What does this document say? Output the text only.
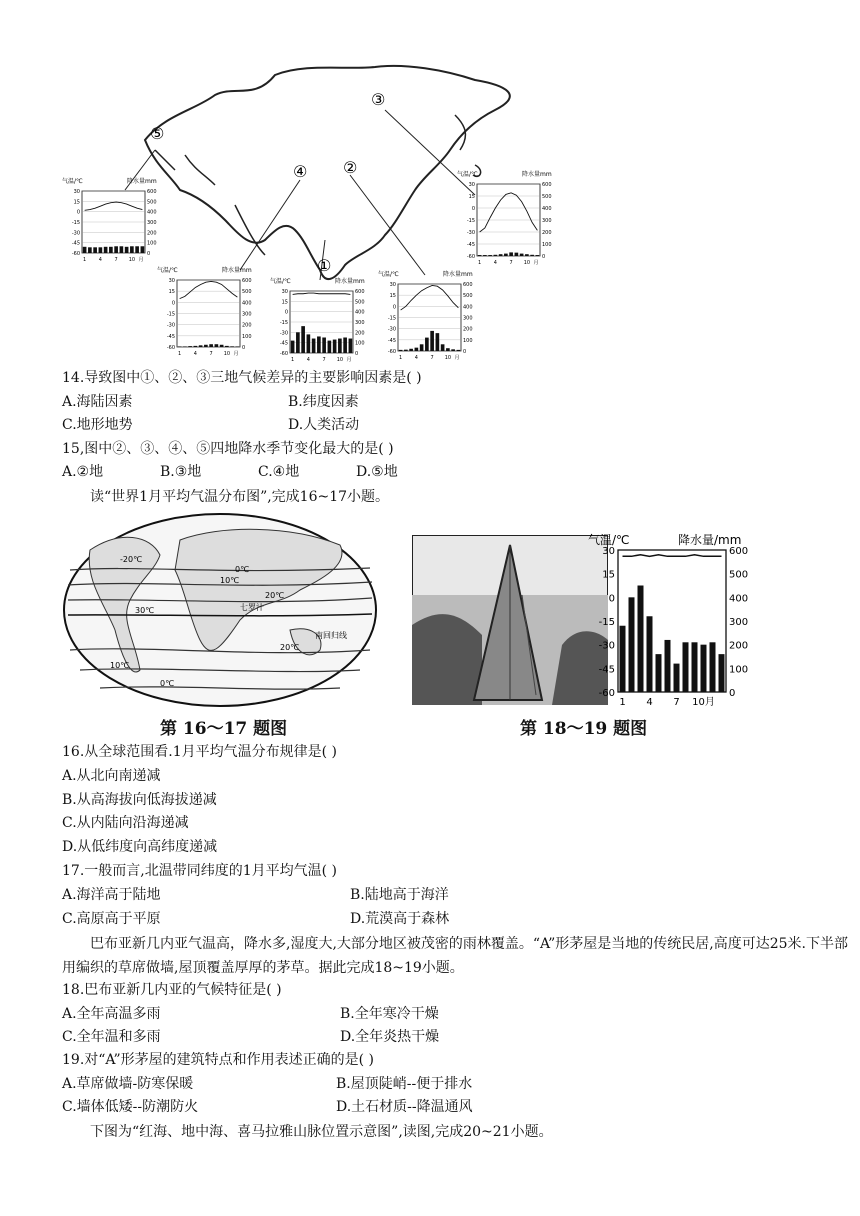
⑤
③
④ ②
①
气温/℃	降水量mm
30
15
0
-15
-30
-45
-60
600
500
400
300
200
100
0
1	4	7 10 月
气温/℃	降水量mm
30
15
0
-15
-30
-45
-60
600
500
400
300
200
100
0
1	4	7 10 月
气温/℃	降水量mm
30
15
0
-15
-30
-45
-60
600
500
400
300
200
100
0
1	4	7 10 月
气温/℃	降水量mm
30
15
0
-15
-30
-45
-60
600
500
400
300
200
100
0
1	4	7 10 月
气温/℃	降水量mm
30
15
0
-15
-30
-45
-60
600
500
400
300
200
100
0
1	4	7 10 月
14.导致图中①、②、③三地气候差异的主要影响因素是( )
A.海陆因素	B.纬度因素
C.地形地势	D.人类活动
15,图中②、③、④、⑤四地降水季节变化最大的是( )
A.②地	B.③地	C.④地	D.⑤地
读“世界1月平均气温分布图”,完成16~17小题。
-20℃
0℃
10℃
20℃
20℃
30℃
10℃
0℃
七罗汁
南回归线
第 16～17 题图
气温/℃	降水量/mm
30
15
0
-15
-30
-45
-60
600
500
400
300
200
100
0
1 4 7 10月
第 18～19 题图
16.从全球范围看.1月平均气温分布规律是( )
A.从北向南递减
B.从高海拔向低海拔递减
C.从内陆向沿海递减
D.从低纬度向高纬度递减
17.一般而言,北温带同纬度的1月平均气温( )
A.海洋高于陆地	B.陆地高于海洋
C.高原高于平原	D.荒漠高于森林
巴布亚新几内亚气温高，降水多,湿度大,大部分地区被茂密的雨林覆盖。“A”形茅屋是当地的传统民居,高度可达25米.下半部用编织的草席做墙,屋顶覆盖厚厚的茅草。据此完成18~19小题。
18.巴布亚新几内亚的气候特征是( )
A.全年高温多雨	B.全年寒冷干燥
C.全年温和多雨	D.全年炎热干燥
19.对“A”形茅屋的建筑特点和作用表述正确的是( )
A.草席做墙-防寒保暖	B.屋顶陡峭--便于排水
C.墙体低矮--防潮防火	D.土石材质--降温通风
下图为“红海、地中海、喜马拉雅山脉位置示意图”,读图,完成20~21小题。
